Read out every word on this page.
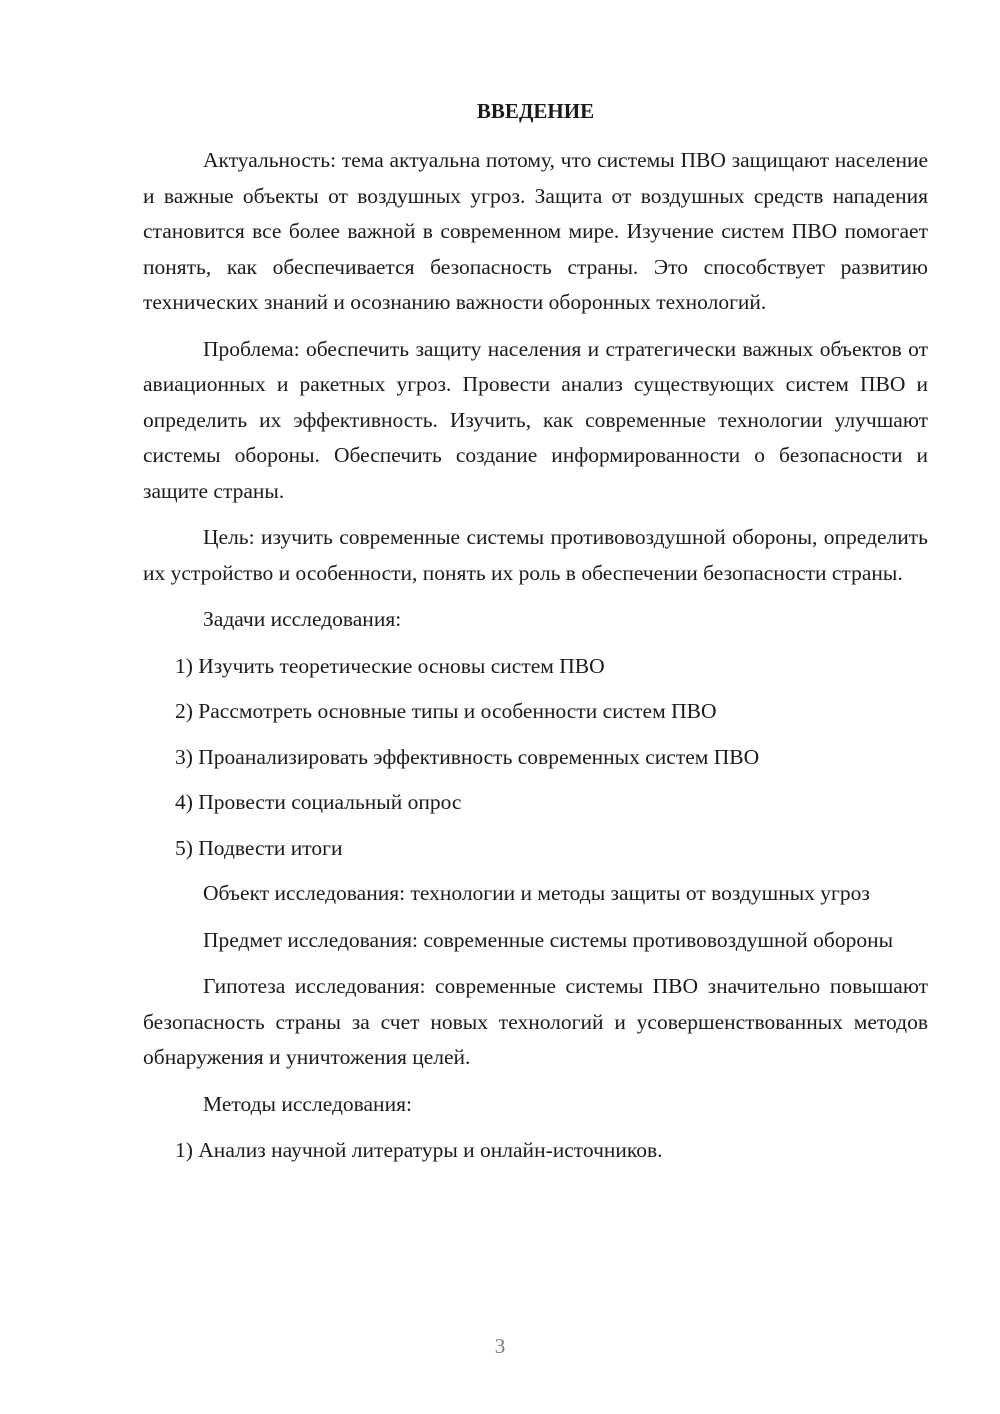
ВВЕДЕНИЕ

Актуальность: тема актуальна потому, что системы ПВО защищают население и важные объекты от воздушных угроз. Защита от воздушных средств нападения становится все более важной в современном мире. Изучение систем ПВО помогает понять, как обеспечивается безопасность страны. Это способствует развитию технических знаний и осознанию важности оборонных технологий.

Проблема: обеспечить защиту населения и стратегически важных объектов от авиационных и ракетных угроз. Провести анализ существующих систем ПВО и определить их эффективность. Изучить, как современные технологии улучшают системы обороны. Обеспечить создание информированности о безопасности и защите страны.

Цель: изучить современные системы противовоздушной обороны, определить их устройство и особенности, понять их роль в обеспечении безопасности страны.

Задачи исследования:

1) Изучить теоретические основы систем ПВО

2) Рассмотреть основные типы и особенности систем ПВО

3) Проанализировать эффективность современных систем ПВО

4) Провести социальный опрос

5) Подвести итоги

Объект исследования: технологии и методы защиты от воздушных угроз

Предмет исследования: современные системы противовоздушной обороны

Гипотеза исследования: современные системы ПВО значительно повышают безопасность страны за счет новых технологий и усовершенствованных методов обнаружения и уничтожения целей.

Методы исследования:

1) Анализ научной литературы и онлайн-источников.

3
